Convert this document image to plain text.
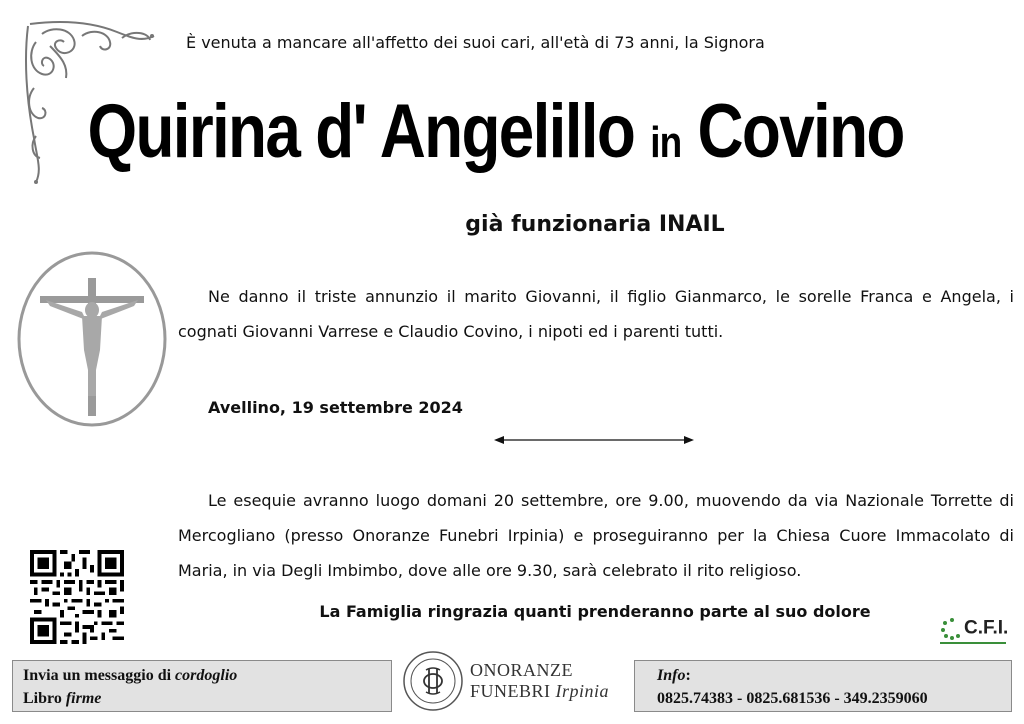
È venuta a mancare all'affetto dei suoi cari, all'età di 73 anni, la Signora
Quirina d' Angelillo in Covino
già funzionaria INAIL

Ne danno il triste annunzio il marito Giovanni, il figlio Gianmarco, le sorelle Franca e Angela, i cognati Giovanni Varrese e Claudio Covino, i nipoti ed i parenti tutti.

Avellino, 19 settembre 2024

Le esequie avranno luogo domani 20 settembre, ore 9.00, muovendo da via Nazionale Torrette di Mercogliano (presso Onoranze Funebri Irpinia) e proseguiranno per la Chiesa Cuore Immacolato di Maria, in via Degli Imbimbo, dove alle ore 9.30, sarà celebrato il rito religioso.

La Famiglia ringrazia quanti prenderanno parte al suo dolore
C.F.I.
Invia un messaggio di cordoglio
Libro firme
ONORANZE
FUNEBRI Irpinia
Info:
0825.74383 - 0825.681536 - 349.2359060
